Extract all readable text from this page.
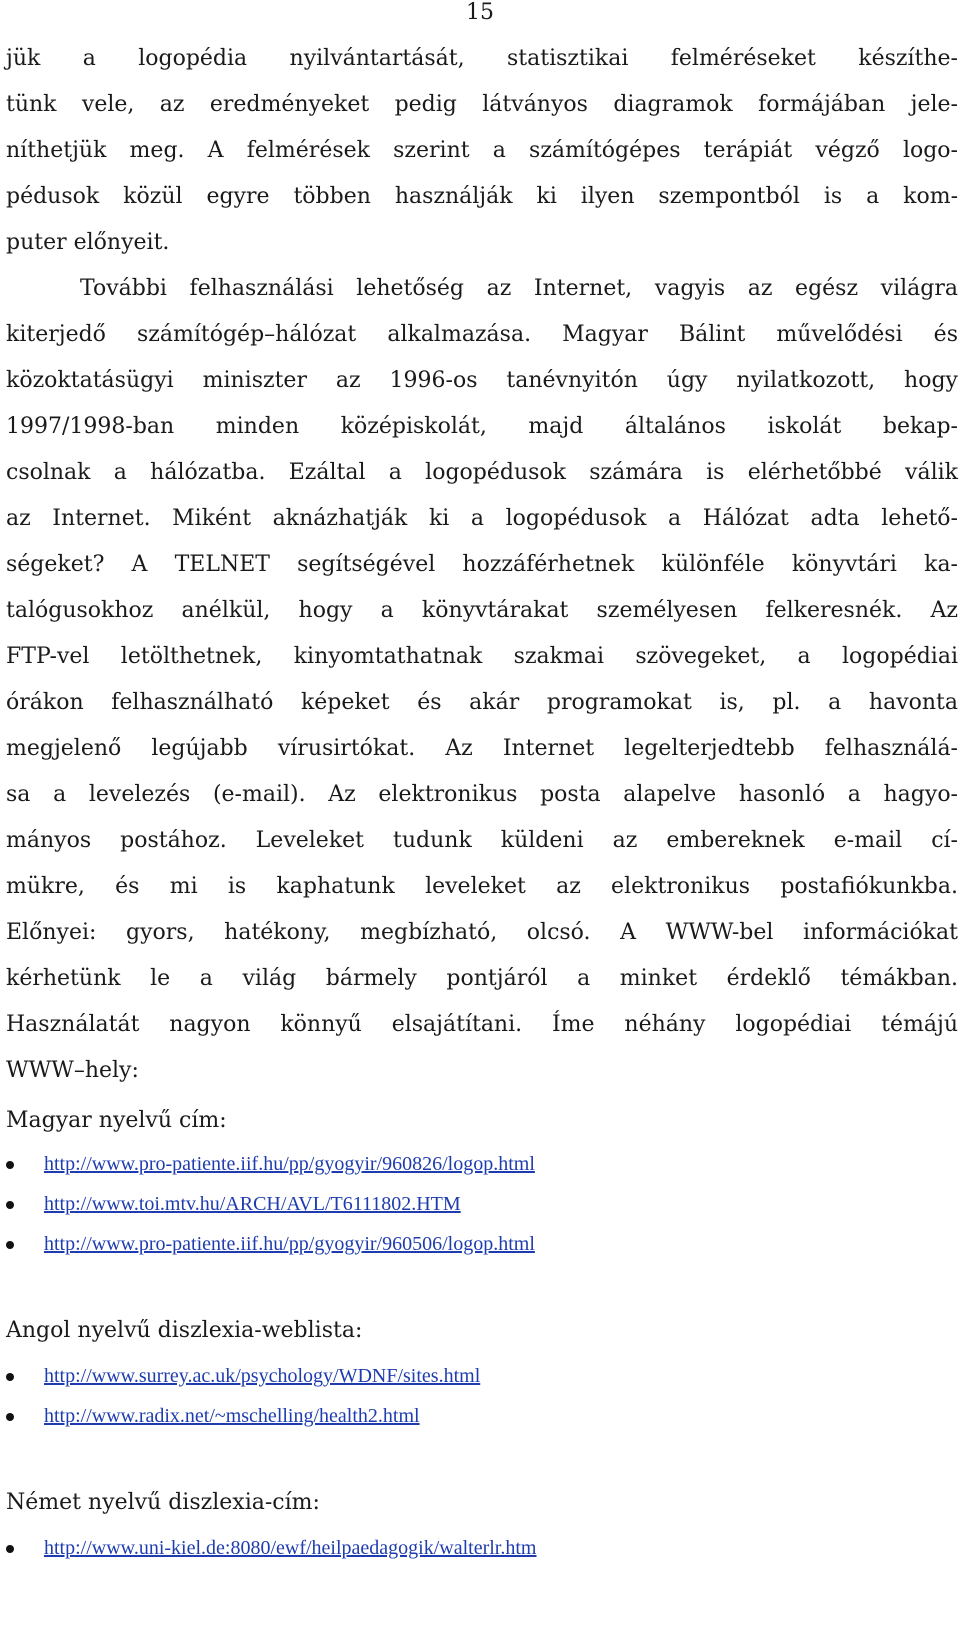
15
jük a logopédia nyilvántartását, statisztikai felméréseket készíthe-
tünk vele, az eredményeket pedig látványos diagramok formájában jele-
níthetjük meg. A felmérések szerint a számítógépes terápiát végző logo-
pédusok közül egyre többen használják ki ilyen szempontból is a kom-
puter előnyeit.
További felhasználási lehetőség az Internet, vagyis az egész világra
kiterjedő számítógép–hálózat alkalmazása. Magyar Bálint művelődési és
közoktatásügyi miniszter az 1996-os tanévnyitón úgy nyilatkozott, hogy
1997/1998-ban minden középiskolát, majd általános iskolát bekap-
csolnak a hálózatba. Ezáltal a logopédusok számára is elérhetőbbé válik
az Internet. Miként aknázhatják ki a logopédusok a Hálózat adta lehető-
ségeket? A TELNET segítségével hozzáférhetnek különféle könyvtári ka-
talógusokhoz anélkül, hogy a könyvtárakat személyesen felkeresnék. Az
FTP-vel letölthetnek, kinyomtathatnak szakmai szövegeket, a logopédiai
órákon felhasználható képeket és akár programokat is, pl. a havonta
megjelenő legújabb vírusirtókat. Az Internet legelterjedtebb felhasználá-
sa a levelezés (e-mail). Az elektronikus posta alapelve hasonló a hagyo-
mányos postához. Leveleket tudunk küldeni az embereknek e-mail cí-
mükre, és mi is kaphatunk leveleket az elektronikus postafiókunkba.
Előnyei: gyors, hatékony, megbízható, olcsó. A WWW-bel információkat
kérhetünk le a világ bármely pontjáról a minket érdeklő témákban.
Használatát nagyon könnyű elsajátítani. Íme néhány logopédiai témájú
WWW–hely:
Magyar nyelvű cím:
http://www.pro-patiente.iif.hu/pp/gyogyir/960826/logop.html
http://www.toi.mtv.hu/ARCH/AVL/T6111802.HTM
http://www.pro-patiente.iif.hu/pp/gyogyir/960506/logop.html
Angol nyelvű diszlexia-weblista:
http://www.surrey.ac.uk/psychology/WDNF/sites.html
http://www.radix.net/~mschelling/health2.html
Német nyelvű diszlexia-cím:
http://www.uni-kiel.de:8080/ewf/heilpaedagogik/walterlr.htm
